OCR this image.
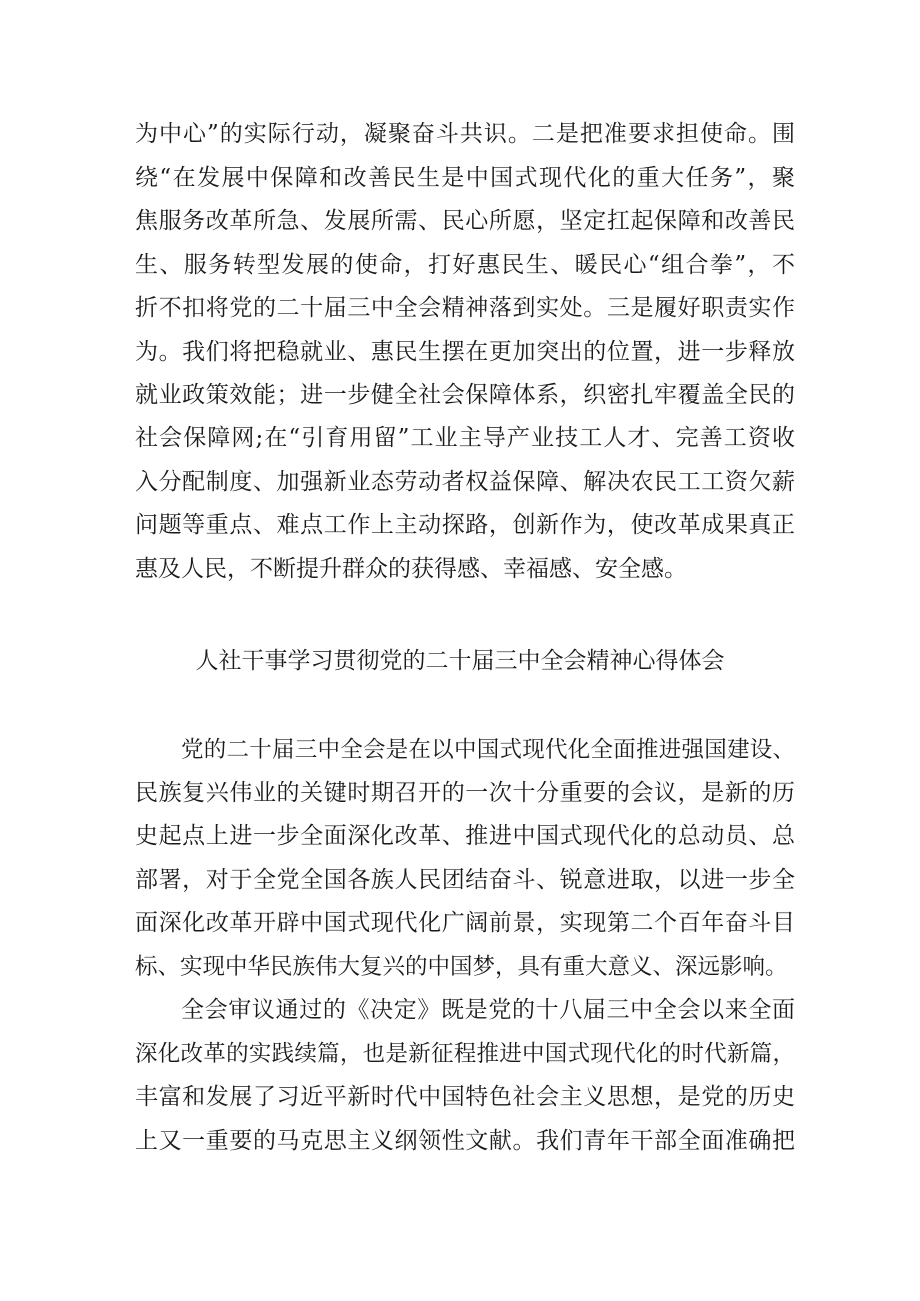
为中心”的实际行动，凝聚奋斗共识。二是把准要求担使命。围
绕“在发展中保障和改善民生是中国式现代化的重大任务”，聚
焦服务改革所急、发展所需、民心所愿，坚定扛起保障和改善民
生、服务转型发展的使命，打好惠民生、暖民心“组合拳”，不
折不扣将党的二十届三中全会精神落到实处。三是履好职责实作
为。我们将把稳就业、惠民生摆在更加突出的位置，进一步释放
就业政策效能；进一步健全社会保障体系，织密扎牢覆盖全民的
社会保障网;在“引育用留”工业主导产业技工人才、完善工资收
入分配制度、加强新业态劳动者权益保障、解决农民工工资欠薪
问题等重点、难点工作上主动探路，创新作为，使改革成果真正
惠及人民，不断提升群众的获得感、幸福感、安全感。
人社干事学习贯彻党的二十届三中全会精神心得体会
党的二十届三中全会是在以中国式现代化全面推进强国建设、
民族复兴伟业的关键时期召开的一次十分重要的会议，是新的历
史起点上进一步全面深化改革、推进中国式现代化的总动员、总
部署，对于全党全国各族人民团结奋斗、锐意进取，以进一步全
面深化改革开辟中国式现代化广阔前景，实现第二个百年奋斗目
标、实现中华民族伟大复兴的中国梦，具有重大意义、深远影响。
全会审议通过的《决定》既是党的十八届三中全会以来全面
深化改革的实践续篇，也是新征程推进中国式现代化的时代新篇，
丰富和发展了习近平新时代中国特色社会主义思想，是党的历史
上又一重要的马克思主义纲领性文献。我们青年干部全面准确把
